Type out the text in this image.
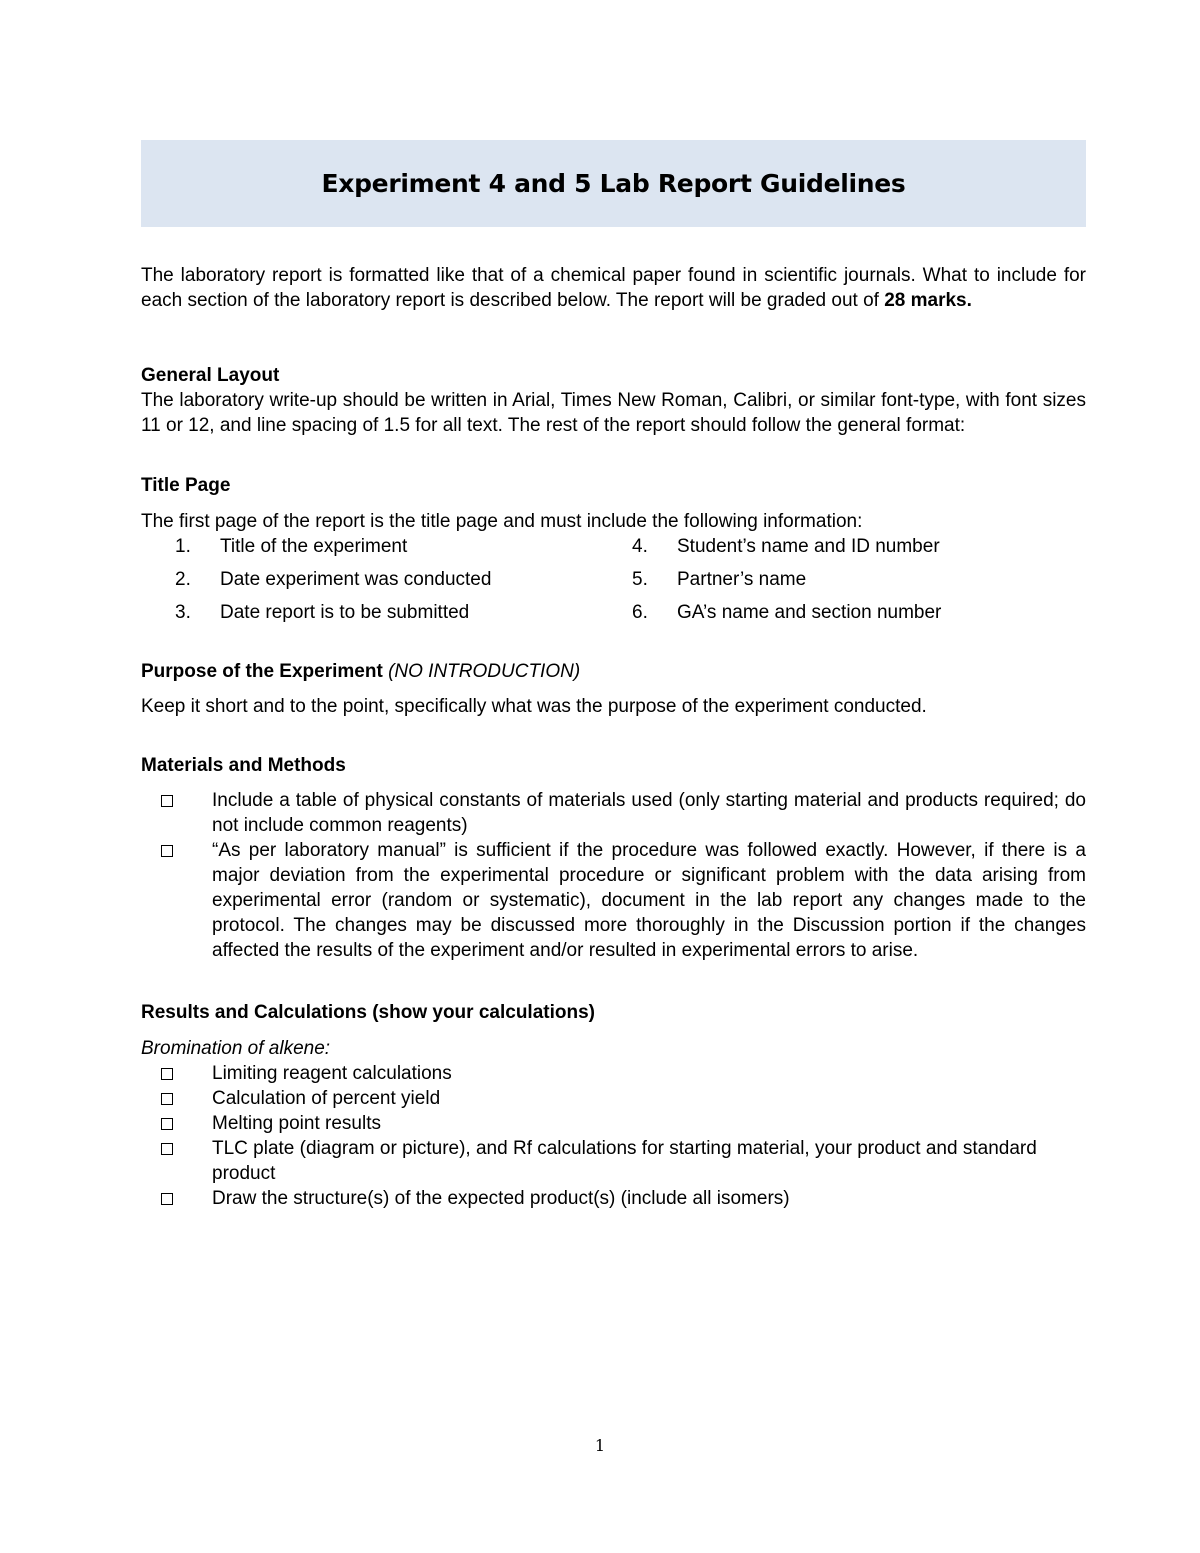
Experiment 4 and 5 Lab Report Guidelines

The laboratory report is formatted like that of a chemical paper found in scientific journals. What to include for each section of the laboratory report is described below. The report will be graded out of 28 marks.

General Layout

The laboratory write-up should be written in Arial, Times New Roman, Calibri, or similar font-type, with font sizes 11 or 12, and line spacing of 1.5 for all text. The rest of the report should follow the general format:

Title Page

The first page of the report is the title page and must include the following information:

1.	Title of the experiment	4.	Student’s name and ID number
2.	Date experiment was conducted	5.	Partner’s name
3.	Date report is to be submitted	6.	GA’s name and section number

Purpose of the Experiment (NO INTRODUCTION)

Keep it short and to the point, specifically what was the purpose of the experiment conducted.

Materials and Methods

Include a table of physical constants of materials used (only starting material and products required; do not include common reagents)
“As per laboratory manual” is sufficient if the procedure was followed exactly. However, if there is a major deviation from the experimental procedure or significant problem with the data arising from experimental error (random or systematic), document in the lab report any changes made to the protocol. The changes may be discussed more thoroughly in the Discussion portion if the changes affected the results of the experiment and/or resulted in experimental errors to arise.

Results and Calculations (show your calculations)

Bromination of alkene:

Limiting reagent calculations
Calculation of percent yield
Melting point results
TLC plate (diagram or picture), and Rf calculations for starting material, your product and standard product
Draw the structure(s) of the expected product(s) (include all isomers)
1
